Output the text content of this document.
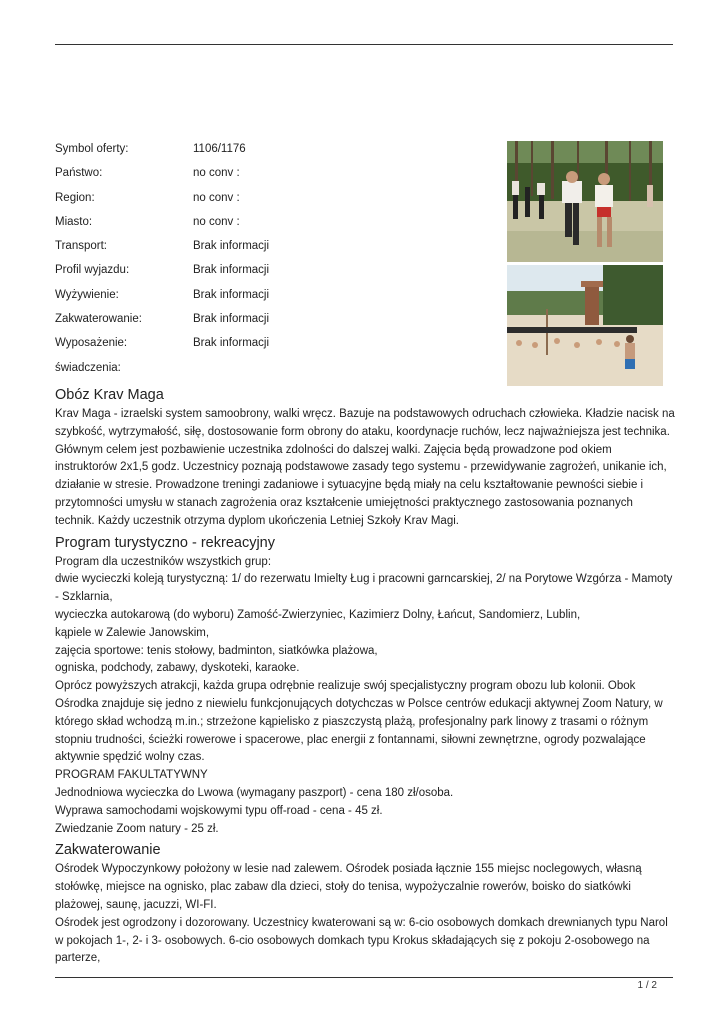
Symbol oferty:	1106/1176
Państwo:	no conv :
Region:	no conv :
Miasto:	no conv :
Transport:	Brak informacji
Profil wyjazdu:	Brak informacji
Wyżywienie:	Brak informacji
Zakwaterowanie:	Brak informacji
Wyposażenie:	Brak informacji
świadczenia:
Obóz Krav Maga

Krav Maga - izraelski system samoobrony, walki wręcz. Bazuje na podstawowych odruchach człowieka. Kładzie nacisk na szybkość, wytrzymałość, siłę, dostosowanie form obrony do ataku, koordynacje ruchów, lecz najważniejsza jest technika. Głównym celem jest pozbawienie uczestnika zdolności do dalszej walki. Zajęcia będą prowadzone pod okiem instruktorów 2x1,5 godz. Uczestnicy poznają podstawowe zasady tego systemu - przewidywanie zagrożeń, unikanie ich, działanie w stresie. Prowadzone treningi zadaniowe i sytuacyjne będą miały na celu kształtowanie pewności siebie i przytomności umysłu w stanach zagrożenia oraz kształcenie umiejętności praktycznego zastosowania poznanych technik. Każdy uczestnik otrzyma dyplom ukończenia Letniej Szkoły Krav Magi.

Program turystyczno - rekreacyjny

Program dla uczestników wszystkich grup:

dwie wycieczki koleją turystyczną: 1/ do rezerwatu Imielty Ług i pracowni garncarskiej, 2/ na Porytowe Wzgórza - Mamoty - Szklarnia,

wycieczka autokarową (do wyboru) Zamość-Zwierzyniec, Kazimierz Dolny, Łańcut, Sandomierz, Lublin,

kąpiele w Zalewie Janowskim,

zajęcia sportowe: tenis stołowy, badminton, siatkówka plażowa,

ogniska, podchody, zabawy, dyskoteki, karaoke.

Oprócz powyższych atrakcji, każda grupa odrębnie realizuje swój specjalistyczny program obozu lub kolonii. Obok Ośrodka znajduje się jedno z niewielu funkcjonujących dotychczas w Polsce centrów edukacji aktywnej Zoom Natury, w którego skład wchodzą m.in.; strzeżone kąpielisko z piaszczystą plażą, profesjonalny park linowy z trasami o różnym stopniu trudności, ścieżki rowerowe i spacerowe, plac energii z fontannami, siłowni zewnętrzne, ogrody pozwalające aktywnie spędzić wolny czas.

PROGRAM FAKULTATYWNY

Jednodniowa wycieczka do Lwowa (wymagany paszport) - cena 180 zł/osoba.

Wyprawa samochodami wojskowymi typu off-road - cena - 45 zł.

Zwiedzanie Zoom natury - 25 zł.

Zakwaterowanie

Ośrodek Wypoczynkowy położony w lesie nad zalewem. Ośrodek posiada łącznie 155 miejsc noclegowych, własną stołówkę, miejsce na ognisko, plac zabaw dla dzieci, stoły do tenisa, wypożyczalnie rowerów, boisko do siatkówki plażowej, saunę, jacuzzi, WI-FI.

Ośrodek jest ogrodzony i dozorowany. Uczestnicy kwaterowani są w: 6-cio osobowych domkach drewnianych typu Narol w pokojach 1-, 2- i 3- osobowych. 6-cio osobowych domkach typu Krokus składających się z pokoju 2-osobowego na parterze,

1 / 2
